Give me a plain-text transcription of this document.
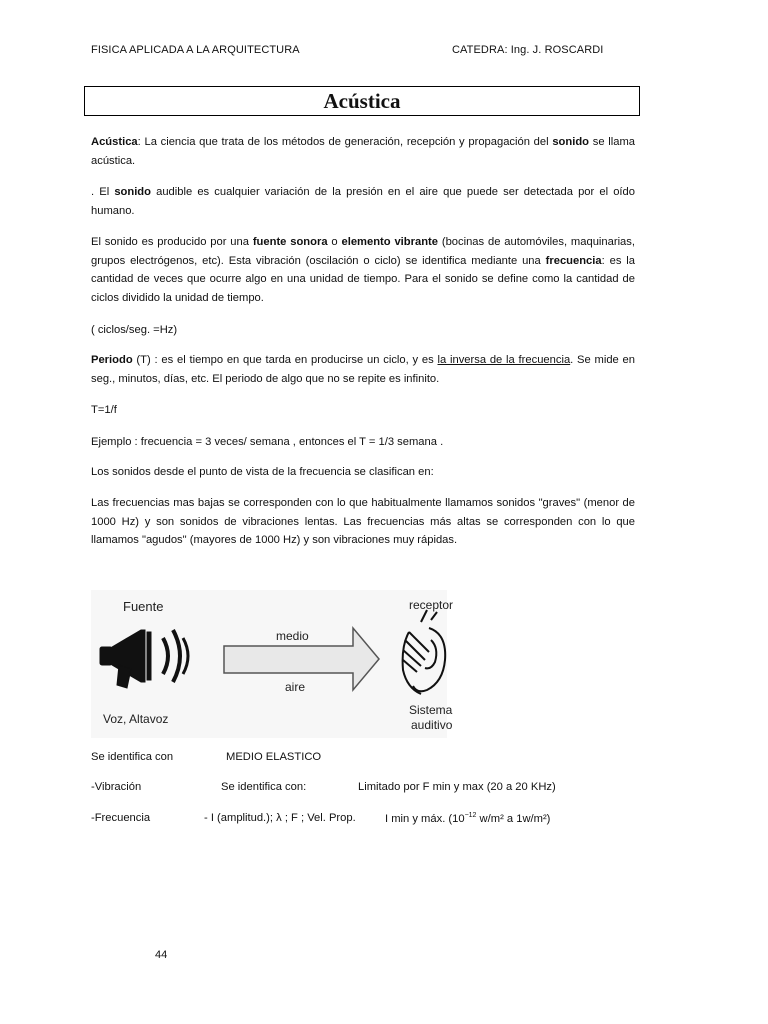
FISICA APLICADA A LA ARQUITECTURA	CATEDRA: Ing. J. ROSCARDI
Acústica

Acústica: La ciencia que trata de los métodos de generación, recepción y propagación del sonido se llama acústica.

. El sonido audible es cualquier variación de la presión en el aire que puede ser detectada por el oído humano.

El sonido es producido por una fuente sonora o elemento vibrante (bocinas de automóviles, maquinarias, grupos electrógenos, etc). Esta vibración (oscilación o ciclo) se identifica mediante una frecuencia: es la cantidad de veces que ocurre algo en una unidad de tiempo. Para el sonido se define como la cantidad de ciclos dividido la unidad de tiempo.

( ciclos/seg. =Hz)

Periodo (T) : es el tiempo en que tarda en producirse un ciclo, y es la inversa de la frecuencia. Se mide en seg., minutos, días, etc. El periodo de algo que no se repite es infinito.

T=1/f

Ejemplo : frecuencia = 3 veces/ semana , entonces el T = 1/3 semana .

Los sonidos desde el punto de vista de la frecuencia se clasifican en:

Las frecuencias mas bajas se corresponden con lo que habitualmente llamamos sonidos "graves" (menor de 1000 Hz) y son sonidos de vibraciones lentas. Las frecuencias más altas se corresponden con lo que llamamos "agudos" (mayores de 1000 Hz) y son vibraciones muy rápidas.

Fuente
Voz, Altavoz
medio
aire
receptor
Sistema
auditivo
Se identifica con	MEDIO ELASTICO
-Vibración	Se identifica con:	Limitado por F min y max (20 a 20 KHz)
-Frecuencia	- I (amplitud.); λ ; F ; Vel. Prop.	I min y máx. ($10^{-12}$ w/m² a 1w/m²)
44
